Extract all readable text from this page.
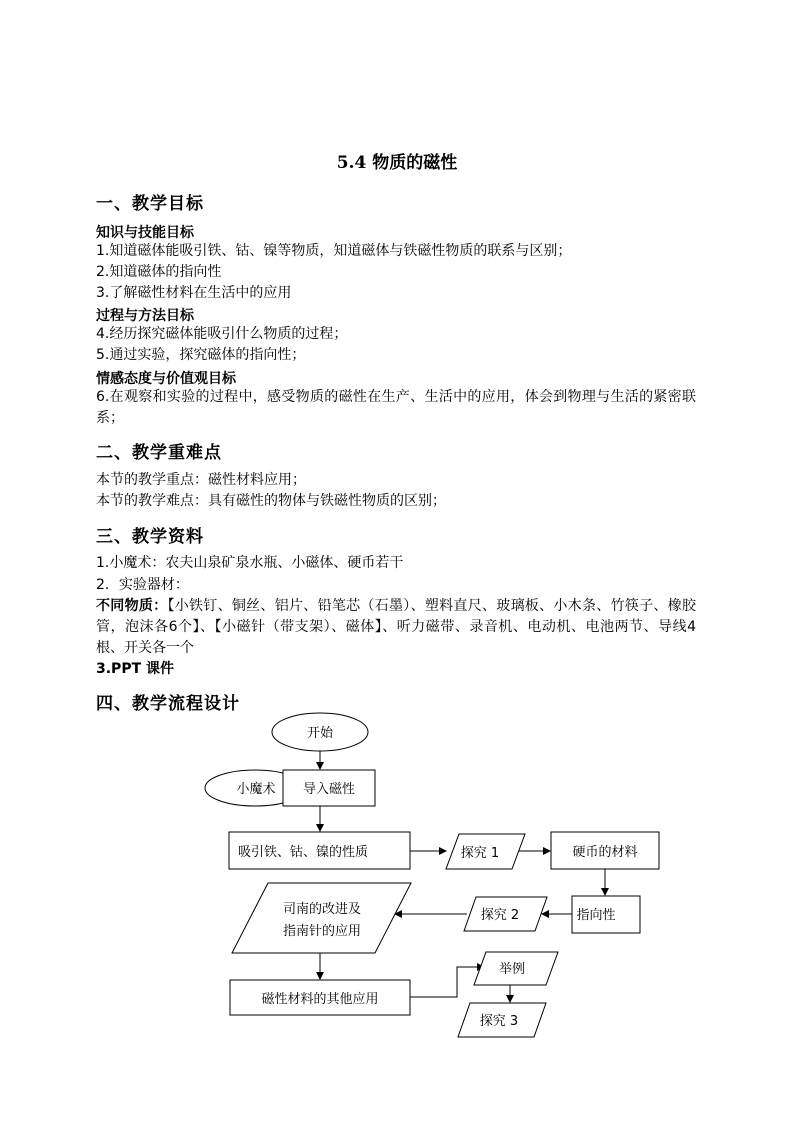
5.4 物质的磁性
一、教学目标
知识与技能目标
1.知道磁体能吸引铁、钴、镍等物质，知道磁体与铁磁性物质的联系与区别；
2.知道磁体的指向性
3.了解磁性材料在生活中的应用
过程与方法目标
4.经历探究磁体能吸引什么物质的过程；
5.通过实验，探究磁体的指向性；
情感态度与价值观目标
6.在观察和实验的过程中，感受物质的磁性在生产、生活中的应用，体会到物理与生活的紧密联系；
二、教学重难点
本节的教学重点：磁性材料应用；
本节的教学难点：具有磁性的物体与铁磁性物质的区别；
三、教学资料
1.小魔术：农夫山泉矿泉水瓶、小磁体、硬币若干
2．实验器材：
不同物质：【小铁钉、铜丝、铝片、铅笔芯（石墨）、塑料直尺、玻璃板、小木条、竹筷子、橡胶管，泡沫各6个】、【小磁针（带支架）、磁体】、听力磁带、录音机、电动机、电池两节、导线4根、开关各一个
3.PPT 课件
四、教学流程设计
开始
小魔术 导入磁性
吸引铁、钴、镍的性质	探究 1	硬币的材料
指向性
探究 2
司南的改进及
指南针的应用
磁性材料的其他应用
举例
探究 3
